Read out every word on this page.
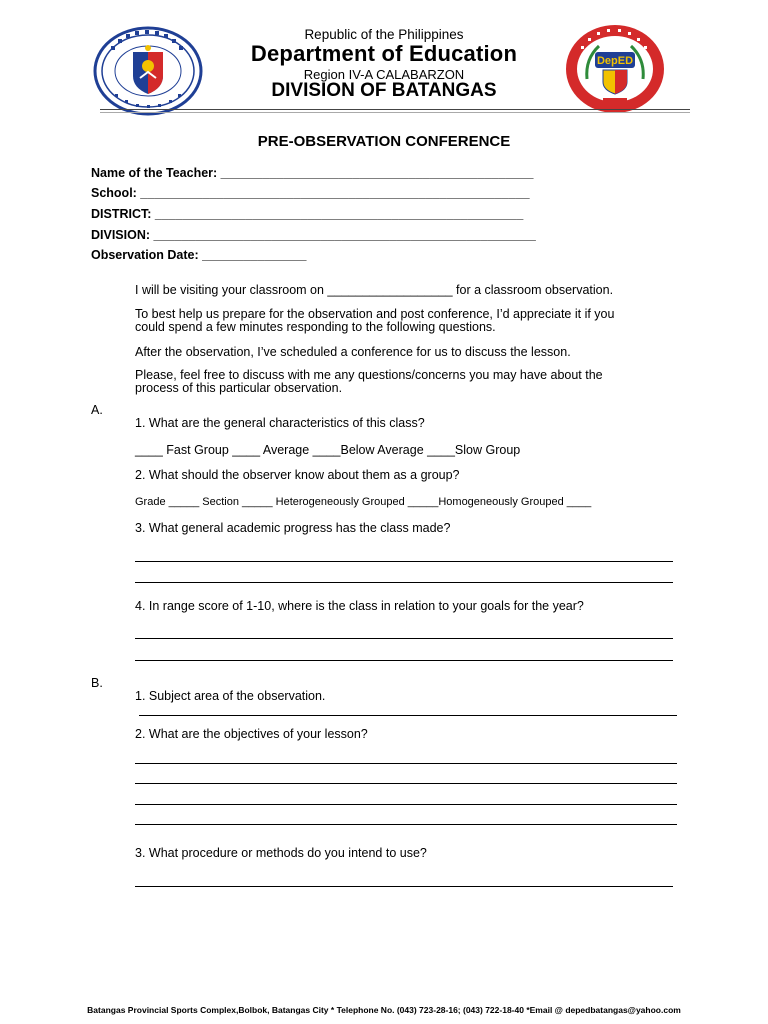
DepED
Republic of the Philippines
Department of Education
Region IV-A CALABARZON
DIVISION OF BATANGAS
PRE-OBSERVATION CONFERENCE
Name of the Teacher: _____________________________________________
School: ________________________________________________________
DISTRICT: _____________________________________________________
DIVISION: _______________________________________________________
Observation Date: _______________
I will be visiting your classroom on __________________ for a classroom observation.
To best help us prepare for the observation and post conference, I’d appreciate it if you
could spend a few minutes responding to the following questions.
After the observation, I’ve scheduled a conference for us to discuss the lesson.
Please, feel free to discuss with me any questions/concerns you may have about the
process of this particular observation.
A.
1. What are the general characteristics of this class?
____ Fast Group ____ Average ____Below Average ____Slow Group
2. What should the observer know about them as a group?
Grade _____ Section _____ Heterogeneously Grouped _____Homogeneously Grouped ____
3. What general academic progress has the class made?
4. In range score of 1-10, where is the class in relation to your goals for the year?
B.
1. Subject area of the observation.
2. What are the objectives of your lesson?
3. What procedure or methods do you intend to use?
Batangas Provincial Sports Complex,Bolbok, Batangas City * Telephone No. (043) 723-28-16; (043) 722-18-40 *Email @ depedbatangas@yahoo.com
